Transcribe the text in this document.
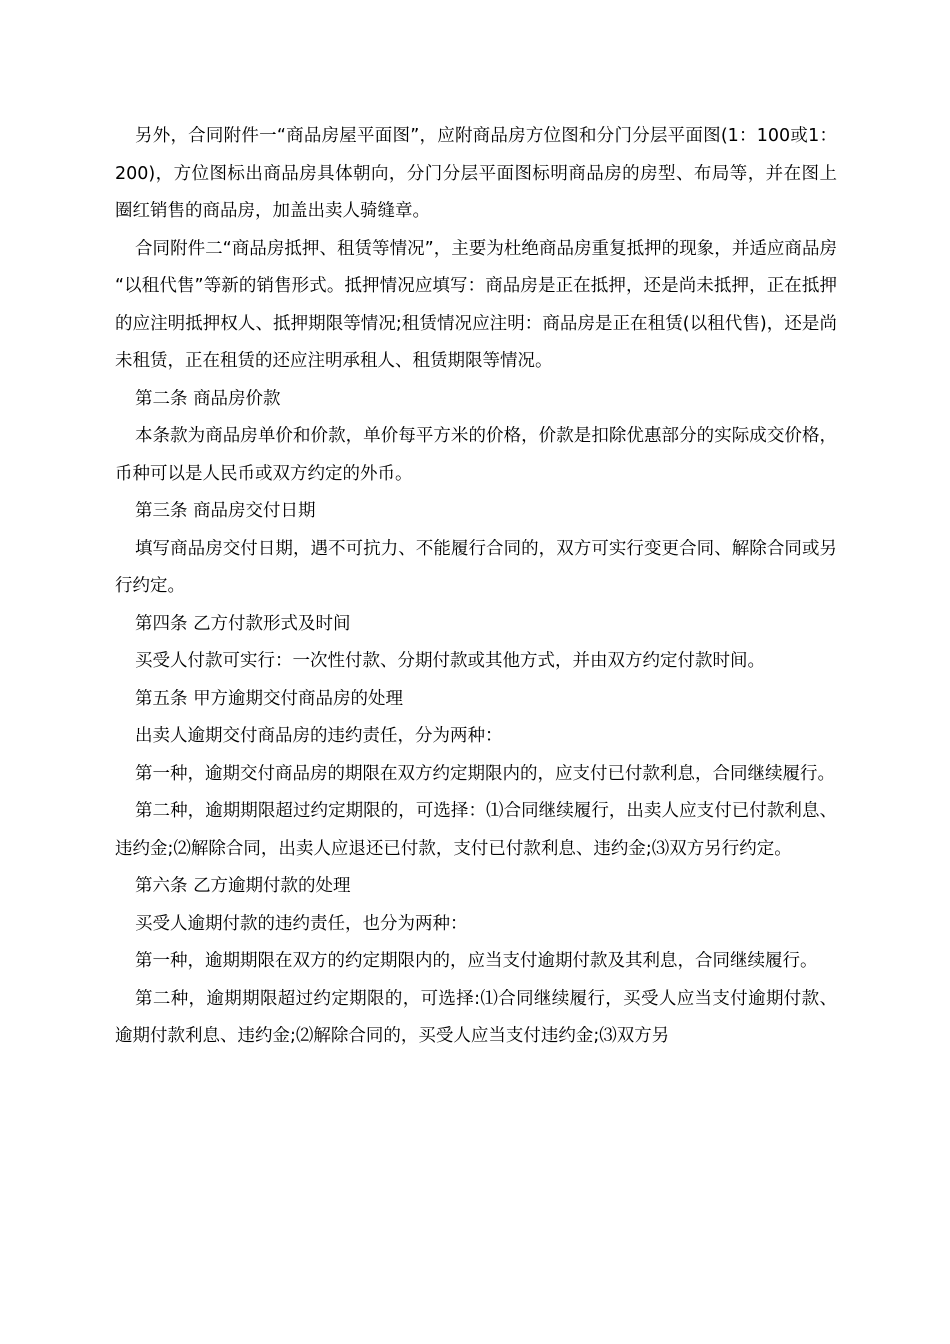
另外，合同附件一“商品房屋平面图”，应附商品房方位图和分门分层平面图(1：100或1：200)，方位图标出商品房具体朝向，分门分层平面图标明商品房的房型、布局等，并在图上圈红销售的商品房，加盖出卖人骑缝章。

合同附件二“商品房抵押、租赁等情况”，主要为杜绝商品房重复抵押的现象，并适应商品房“以租代售”等新的销售形式。抵押情况应填写：商品房是正在抵押，还是尚未抵押，正在抵押的应注明抵押权人、抵押期限等情况;租赁情况应注明：商品房是正在租赁(以租代售)，还是尚未租赁，正在租赁的还应注明承租人、租赁期限等情况。

第二条 商品房价款

本条款为商品房单价和价款，单价每平方米的价格，价款是扣除优惠部分的实际成交价格，币种可以是人民币或双方约定的外币。

第三条 商品房交付日期

填写商品房交付日期，遇不可抗力、不能履行合同的，双方可实行变更合同、解除合同或另行约定。

第四条 乙方付款形式及时间

买受人付款可实行：一次性付款、分期付款或其他方式，并由双方约定付款时间。

第五条 甲方逾期交付商品房的处理

出卖人逾期交付商品房的违约责任，分为两种：

第一种，逾期交付商品房的期限在双方约定期限内的，应支付已付款利息，合同继续履行。

第二种，逾期期限超过约定期限的，可选择：⑴合同继续履行，出卖人应支付已付款利息、违约金;⑵解除合同，出卖人应退还已付款，支付已付款利息、违约金;⑶双方另行约定。

第六条 乙方逾期付款的处理

买受人逾期付款的违约责任，也分为两种：

第一种，逾期期限在双方的约定期限内的，应当支付逾期付款及其利息，合同继续履行。

第二种，逾期期限超过约定期限的，可选择:⑴合同继续履行，买受人应当支付逾期付款、逾期付款利息、违约金;⑵解除合同的，买受人应当支付违约金;⑶双方另
